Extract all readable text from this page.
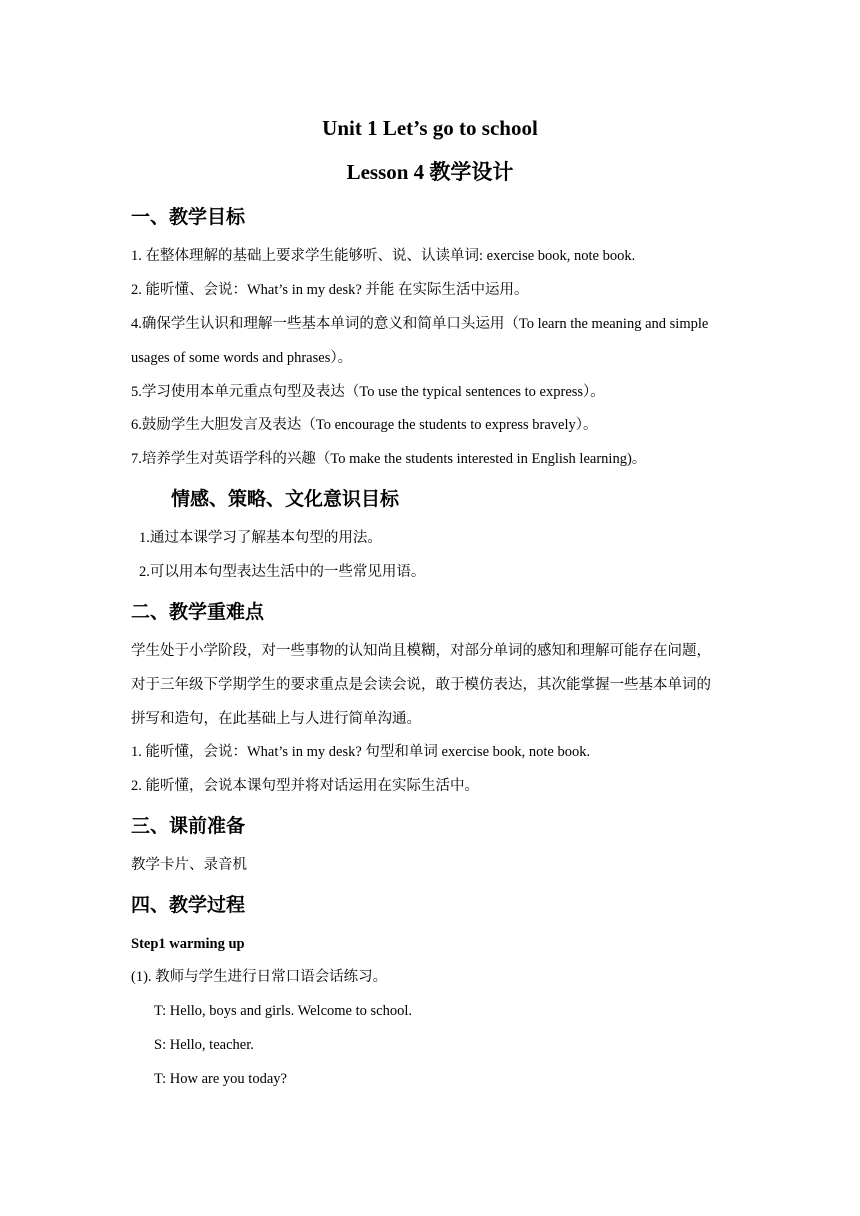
Unit 1 Let’s go to school
Lesson 4 教学设计
一、教学目标
1. 在整体理解的基础上要求学生能够听、说、认读单词: exercise book, note book.
2. 能听懂、会说：What’s in my desk? 并能 在实际生活中运用。
4.确保学生认识和理解一些基本单词的意义和简单口头运用（To learn the meaning and simple
usages of some words and phrases）。
5.学习使用本单元重点句型及表达（To use the typical sentences to express）。
6.鼓励学生大胆发言及表达（To encourage the students to express bravely）。
7.培养学生对英语学科的兴趣（To make the students interested in English learning)。
情感、策略、文化意识目标
1.通过本课学习了解基本句型的用法。
2.可以用本句型表达生活中的一些常见用语。
二、教学重难点
学生处于小学阶段，对一些事物的认知尚且模糊，对部分单词的感知和理解可能存在问题，
对于三年级下学期学生的要求重点是会读会说，敢于模仿表达，其次能掌握一些基本单词的
拼写和造句，在此基础上与人进行简单沟通。
1. 能听懂，会说：What’s in my desk? 句型和单词 exercise book, note book.
2. 能听懂，会说本课句型并将对话运用在实际生活中。
三、课前准备
教学卡片、录音机
四、教学过程
Step1 warming up
(1). 教师与学生进行日常口语会话练习。
T: Hello, boys and girls. Welcome to school.
S: Hello, teacher.
T: How are you today?
